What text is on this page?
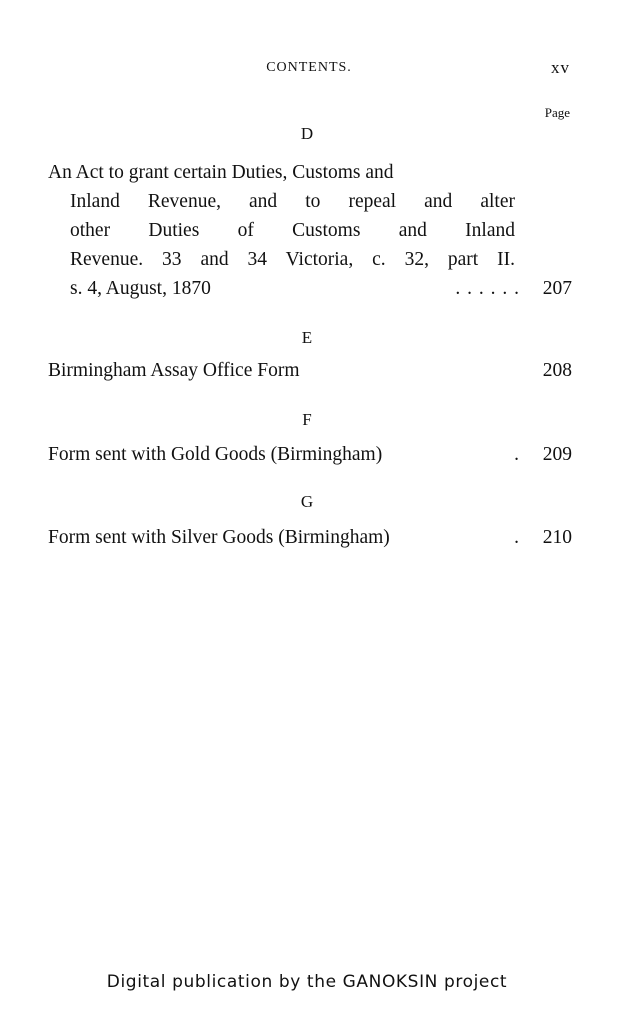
CONTENTS.	xv
Page
D
An Act to grant certain Duties, Customs and
Inland Revenue, and to repeal and alter
other Duties of Customs and Inland
Revenue. 33 and 34 Victoria, c. 32, part II.
s. 4, August, 1870	. . . . . .	207
E
Birmingham Assay Office Form	208
F
Form sent with Gold Goods (Birmingham)	.	209
G
Form sent with Silver Goods (Birmingham)	.	210
Digital publication by the GANOKSIN project
